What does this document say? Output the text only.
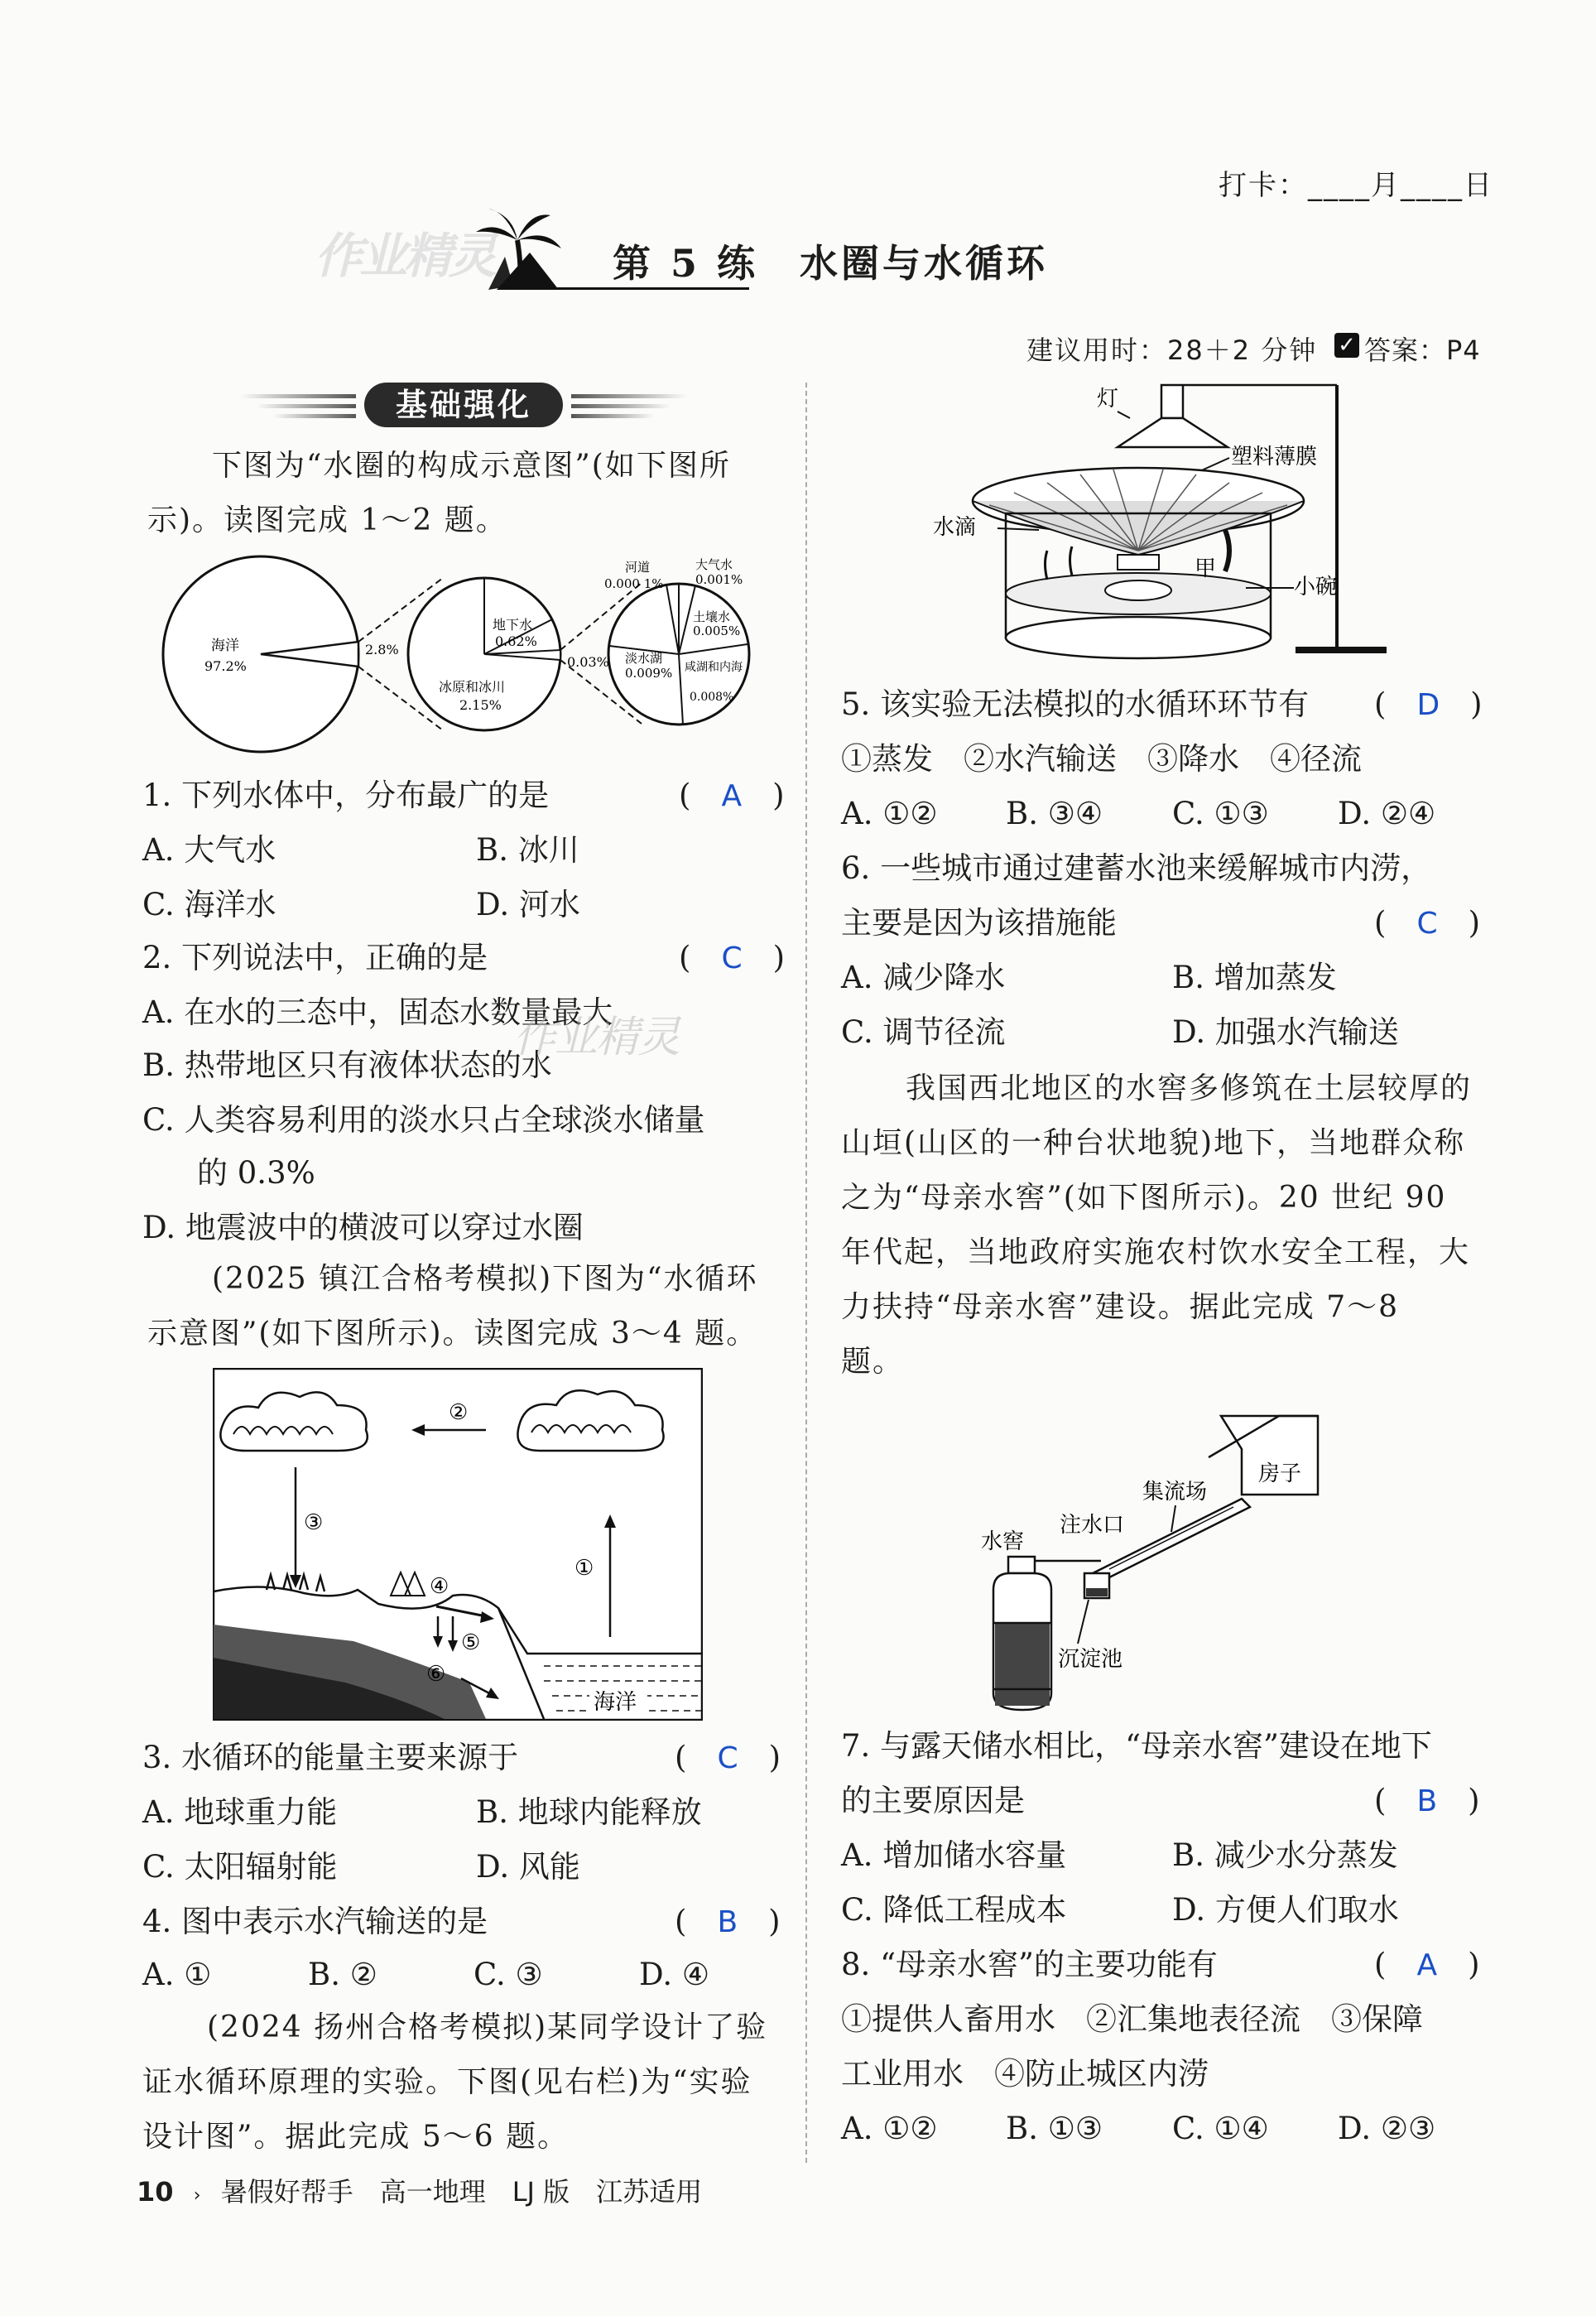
打卡：____月____日
作业精灵	第 5 练　水圈与水循环
建议用时：28＋2 分钟 ✓ 答案：P4
基础强化
下图为“水圈的构成示意图”(如下图所示)。读图完成 1～2 题。
海洋
97.2%
2.8%
地下水
0.62%
冰原和冰川
2.15%
0.03%
河道
0.000 1%
大气水
0.001%
土壤水
0.005%
淡水湖
0.009% 咸湖和内海
0.008%
1. 下列水体中，分布最广的是	(　A　)
A. 大气水	B. 冰川
C. 海洋水	D. 河水
2. 下列说法中，正确的是	(　C　)
A. 在水的三态中，固态水数量最大
B. 热带地区只有液体状态的水
C. 人类容易利用的淡水只占全球淡水储量
的 0.3%
D. 地震波中的横波可以穿过水圈
作业精灵
(2025 镇江合格考模拟)下图为“水循环示意图”(如下图所示)。读图完成 3～4 题。
②
③
①
海洋
④
⑤
⑥
3. 水循环的能量主要来源于	(　C　)
A. 地球重力能	B. 地球内能释放
C. 太阳辐射能	D. 风能
4. 图中表示水汽输送的是	(　B　)
A. ①	B. ②	C. ③	D. ④
(2024 扬州合格考模拟)某同学设计了验证水循环原理的实验。下图(见右栏)为“实验设计图”。据此完成 5～6 题。
灯
塑料薄膜
水滴
甲
小碗
5. 该实验无法模拟的水循环环节有 (　D　)
①蒸发　②水汽输送　③降水　④径流
A. ①② B. ③④ C. ①③ D. ②④
6. 一些城市通过建蓄水池来缓解城市内涝，
主要是因为该措施能	(　C　)
A. 减少降水	B. 增加蒸发
C. 调节径流	D. 加强水汽输送
我国西北地区的水窖多修筑在土层较厚的山垣(山区的一种台状地貌)地下，当地群众称之为“母亲水窖”(如下图所示)。20 世纪 90 年代起，当地政府实施农村饮水安全工程，大力扶持“母亲水窖”建设。据此完成 7～8 题。
房子
集流场
注水口
沉淀池
水窖
7. 与露天储水相比，“母亲水窖”建设在地下
的主要原因是	(　B　)
A. 增加储水容量	B. 减少水分蒸发
C. 降低工程成本	D. 方便人们取水
8. “母亲水窖”的主要功能有	(　A　)
①提供人畜用水　②汇集地表径流　③保障
工业用水　④防止城区内涝
A. ①② B. ①③ C. ①④ D. ②③
10 › 暑假好帮手　高一地理　LJ 版　江苏适用
